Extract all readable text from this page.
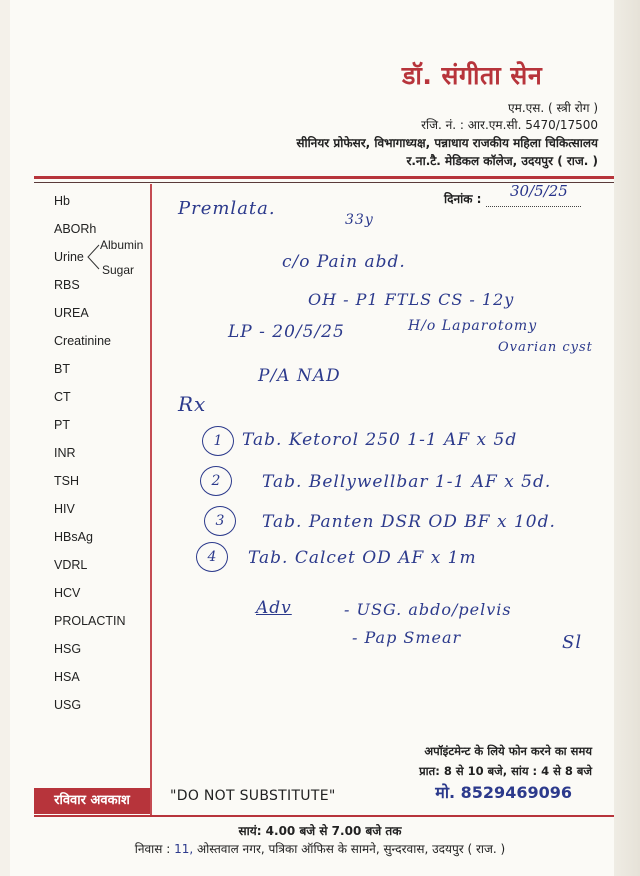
डॉ. संगीता सेन
एम.एस. ( स्त्री रोग )
रजि. नं. : आर.एम.सी. 5470/17500
सीनियर प्रोफेसर, विभागाध्यक्ष, पन्नाधाय राजकीय महिला चिकित्सालय
र.ना.टै. मेडिकल कॉलेज, उदयपुर ( राज. )
दिनांक :	30/5/25
Hb
ABORh
Urine
Albumin
Sugar
RBS
UREA
Creatinine
BT
CT
PT
INR
TSH
HIV
HBsAg
VDRL
HCV
PROLACTIN
HSG
HSA
USG
Premlata.
33y
c/o Pain abd.
OH - P1 FTLS CS - 12y
LP - 20/5/25	H/o Laparotomy
Ovarian cyst
P/A NAD
Rx
1	Tab. Ketorol 250 1-1 AF x 5d
2	Tab. Bellywellbar 1-1 AF x 5d.
3	Tab. Panten DSR OD BF x 10d.
4	Tab. Calcet OD AF x 1m
Adv	- USG. abdo/pelvis
- Pap Smear	Sl
अपॉइंटमेन्ट के लिये फोन करने का समय
प्रात: 8 से 10 बजे, सांय : 4 से 8 बजे
मो. 8529469096
रविवार अवकाश	"DO NOT SUBSTITUTE"
सायं: 4.00 बजे से 7.00 बजे तक
निवास : 11, ओस्तवाल नगर, पत्रिका ऑफिस के सामने, सुन्दरवास, उदयपुर ( राज. )
